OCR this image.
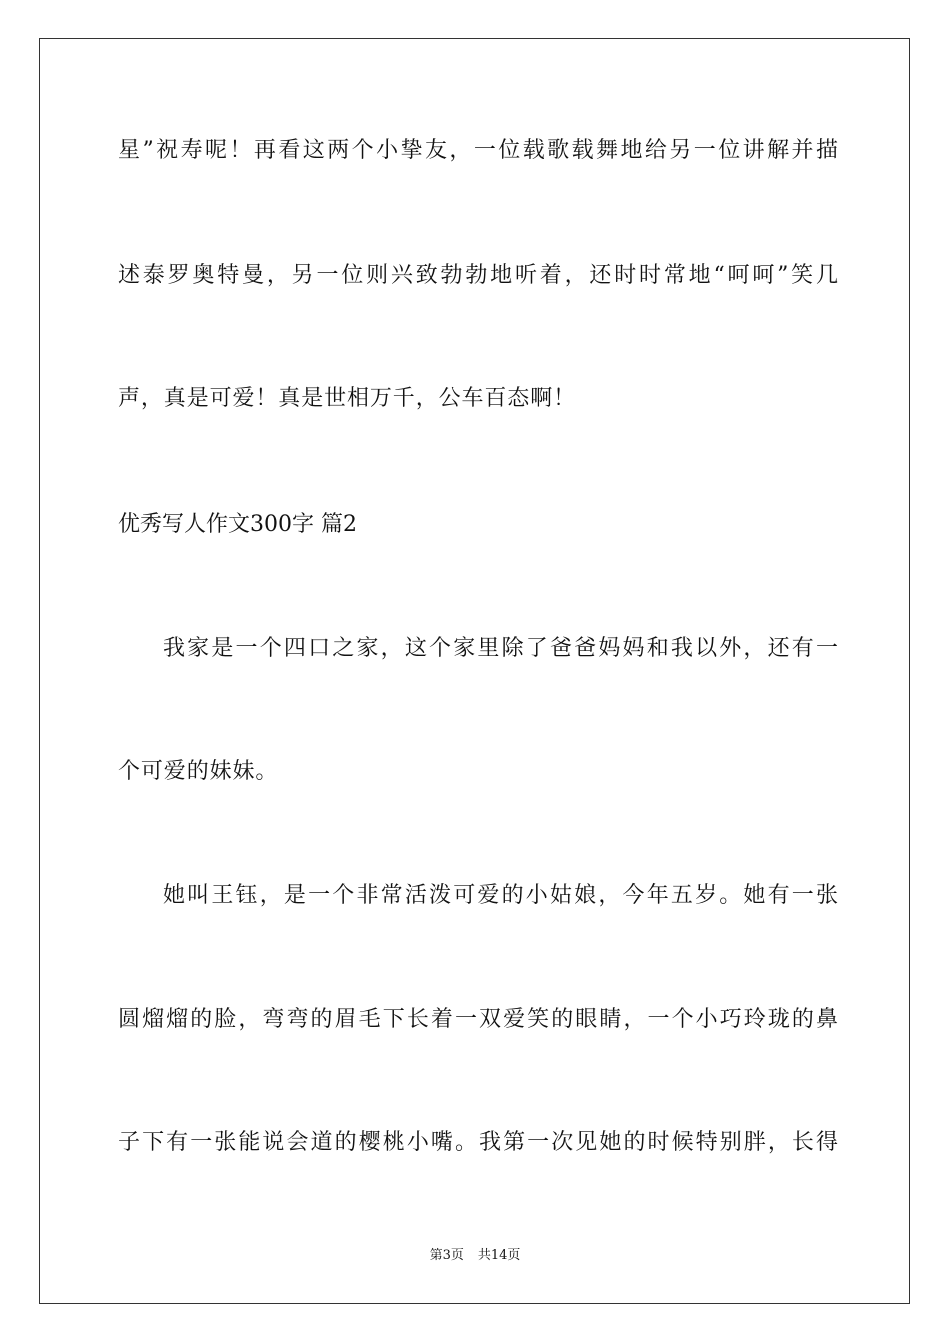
星”祝寿呢！再看这两个小挚友，一位载歌载舞地给另一位讲解并描
述泰罗奥特曼，另一位则兴致勃勃地听着，还时时常地“呵呵”笑几
声，真是可爱！真是世相万千，公车百态啊！
优秀写人作文300字 篇2
我家是一个四口之家，这个家里除了爸爸妈妈和我以外，还有一
个可爱的妹妹。
她叫王钰，是一个非常活泼可爱的小姑娘，今年五岁。她有一张
圆熘熘的脸，弯弯的眉毛下长着一双爱笑的眼睛，一个小巧玲珑的鼻
子下有一张能说会道的樱桃小嘴。我第一次见她的时候特别胖，长得
第3页 共14页
